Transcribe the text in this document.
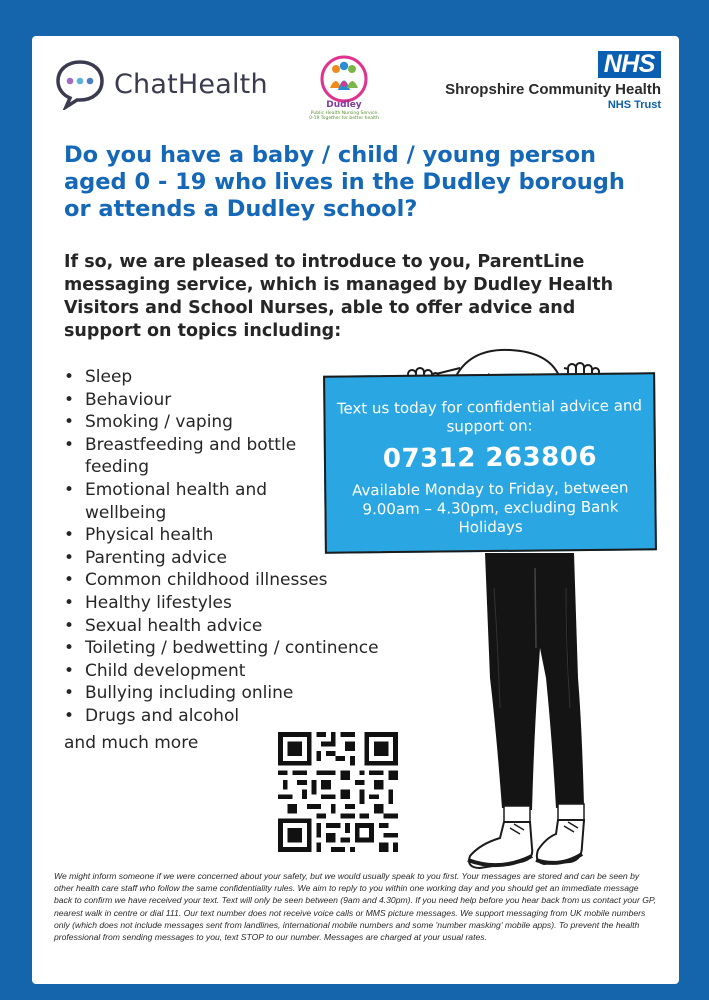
ChatHealth
Dudley
Public Health Nursing Service 0-19 Together for better health
NHS
Shropshire Community Health
NHS Trust
Do you have a baby / child / young person aged 0 - 19 who lives in the Dudley borough or attends a Dudley school?

If so, we are pleased to introduce to you, ParentLine messaging service, which is managed by Dudley Health Visitors and School Nurses, able to offer advice and support on topics including:

• Sleep
• Behaviour
• Smoking / vaping
• Breastfeeding and bottle feeding
• Emotional health and wellbeing
• Physical health
• Parenting advice
• Common childhood illnesses
• Healthy lifestyles
• Sexual health advice
• Toileting / bedwetting / continence
• Child development
• Bullying including online
• Drugs and alcohol
and much more
Text us today for confidential advice and support on:
07312 263806
Available Monday to Friday, between 9.00am – 4.30pm, excluding Bank Holidays

We might inform someone if we were concerned about your safety, but we would usually speak to you first. Your messages are stored and can be seen by other health care staff who follow the same confidentiality rules. We aim to reply to you within one working day and you should get an immediate message back to confirm we have received your text. Text will only be seen between (9am and 4.30pm). If you need help before you hear back from us contact your GP, nearest walk in centre or dial 111. Our text number does not receive voice calls or MMS picture messages. We support messaging from UK mobile numbers only (which does not include messages sent from landlines, international mobile numbers and some 'number masking' mobile apps). To prevent the health professional from sending messages to you, text STOP to our number. Messages are charged at your usual rates.
